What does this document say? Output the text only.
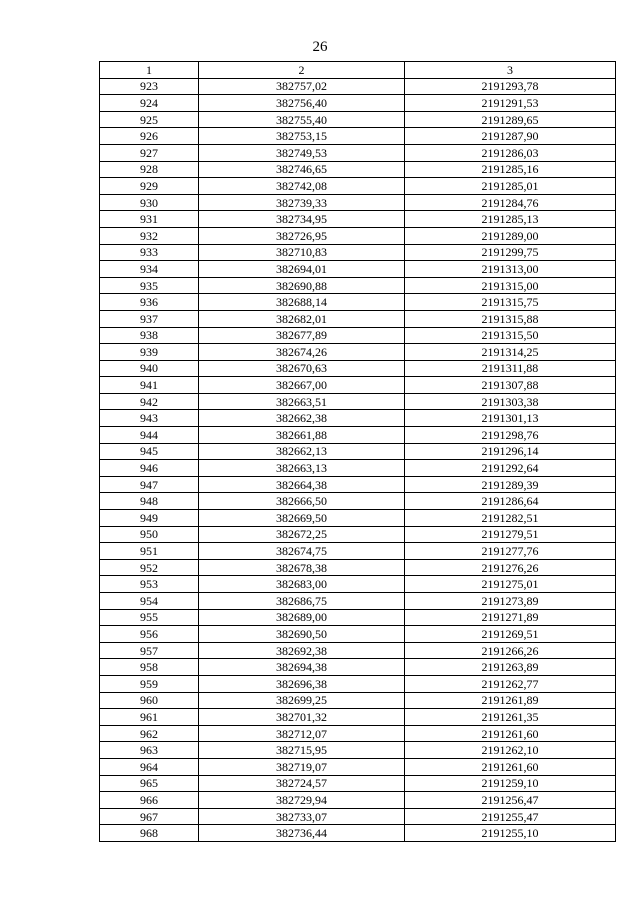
26
1	2	3
923	382757,02	2191293,78
924	382756,40	2191291,53
925	382755,40	2191289,65
926	382753,15	2191287,90
927	382749,53	2191286,03
928	382746,65	2191285,16
929	382742,08	2191285,01
930	382739,33	2191284,76
931	382734,95	2191285,13
932	382726,95	2191289,00
933	382710,83	2191299,75
934	382694,01	2191313,00
935	382690,88	2191315,00
936	382688,14	2191315,75
937	382682,01	2191315,88
938	382677,89	2191315,50
939	382674,26	2191314,25
940	382670,63	2191311,88
941	382667,00	2191307,88
942	382663,51	2191303,38
943	382662,38	2191301,13
944	382661,88	2191298,76
945	382662,13	2191296,14
946	382663,13	2191292,64
947	382664,38	2191289,39
948	382666,50	2191286,64
949	382669,50	2191282,51
950	382672,25	2191279,51
951	382674,75	2191277,76
952	382678,38	2191276,26
953	382683,00	2191275,01
954	382686,75	2191273,89
955	382689,00	2191271,89
956	382690,50	2191269,51
957	382692,38	2191266,26
958	382694,38	2191263,89
959	382696,38	2191262,77
960	382699,25	2191261,89
961	382701,32	2191261,35
962	382712,07	2191261,60
963	382715,95	2191262,10
964	382719,07	2191261,60
965	382724,57	2191259,10
966	382729,94	2191256,47
967	382733,07	2191255,47
968	382736,44	2191255,10
